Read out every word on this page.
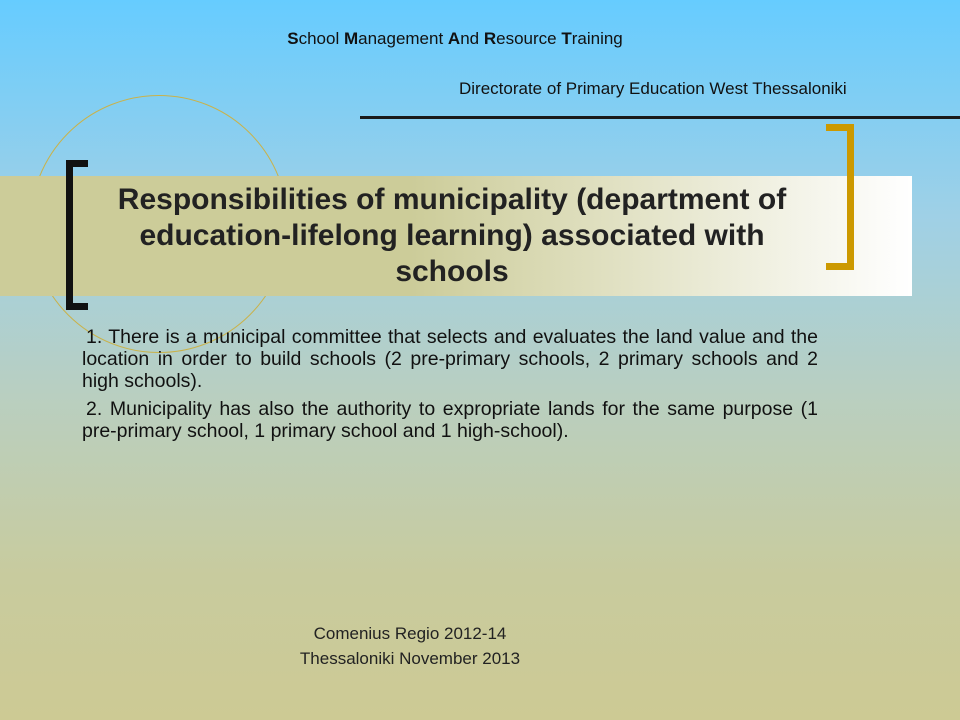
School Management And Resource Training
Directorate of Primary Education West Thessaloniki
Responsibilities of municipality (department of education-lifelong learning) associated with schools

1. There is a municipal committee that selects and evaluates the land value and the location in order to build schools (2 pre-primary schools, 2 primary schools and 2 high schools).

2. Municipality has also the authority to expropriate lands for the same purpose (1 pre-primary school, 1 primary school and 1 high-school).

Comenius Regio 2012-14
Thessaloniki November 2013
